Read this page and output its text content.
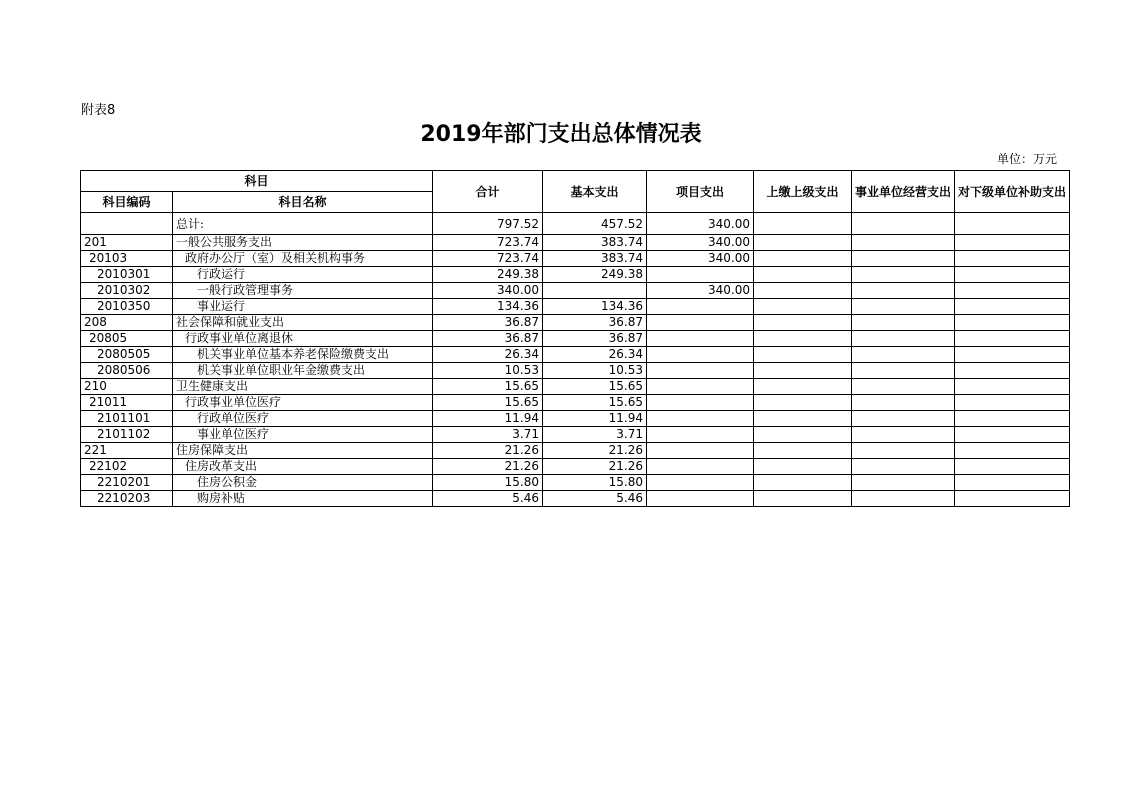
附表8
2019年部门支出总体情况表
单位：万元
科目		合计	基本支出	项目支出	上缴上级支出	事业单位经营支出	对下级单位补助支出
科目编码	科目名称						
	总计:	797.52	457.52	340.00			
201	一般公共服务支出	723.74	383.74	340.00			
20103	政府办公厅（室）及相关机构事务	723.74	383.74	340.00			
2010301	行政运行	249.38	249.38				
2010302	一般行政管理事务	340.00		340.00			
2010350	事业运行	134.36	134.36				
208	社会保障和就业支出	36.87	36.87				
20805	行政事业单位离退休	36.87	36.87				
2080505	机关事业单位基本养老保险缴费支出	26.34	26.34				
2080506	机关事业单位职业年金缴费支出	10.53	10.53				
210	卫生健康支出	15.65	15.65				
21011	行政事业单位医疗	15.65	15.65				
2101101	行政单位医疗	11.94	11.94				
2101102	事业单位医疗	3.71	3.71				
221	住房保障支出	21.26	21.26				
22102	住房改革支出	21.26	21.26				
2210201	住房公积金	15.80	15.80				
2210203	购房补贴	5.46	5.46				
